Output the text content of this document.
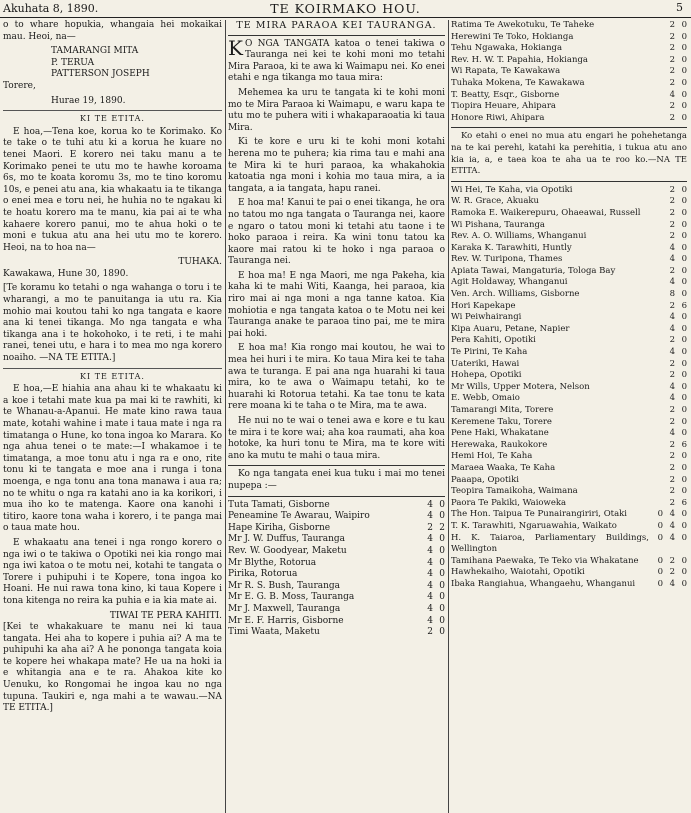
Akuhata 8, 1890.	TE KOIRMAKO HOU.	5

o to whare hopukia, whangaia hei mokaikai mau. Heoi, na—

TAMARANGI MITA

P. TERUA

PATTERSON JOSEPH

Torere,

Hurae 19, 1890.

KI TE ETITA.

E hoa,—Tena koe, korua ko te Korimako. Ko te take o te tuhi atu ki a korua he kuare no tenei Maori. E korero nei taku manu a te Korimako penei te utu mo te hawhe koroama 6s, mo te koata koromu 3s, mo te tino koromu 10s, e penei atu ana, kia whakaatu ia te tikanga o enei mea e toru nei, he huhia no te ngakau ki te hoatu korero ma te manu, kia pai ai te wha kahaere korero panui, mo te ahua hoki o te moni e tukua atu ana hei utu mo te korero. Heoi, na to hoa na—

TUHAKA.

Kawakawa, Hune 30, 1890.

[Te koramu ko tetahi o nga wahanga o toru i te wharangi, a mo te panuitanga ia utu ra. Kia mohio mai koutou tahi ko nga tangata e kaore ana ki tenei tikanga. Mo nga tangata e wha tikanga ana i te hokohoko, i te reti, i te mahi ranei, tenei utu, e hara i to mea mo nga korero noaiho. —NA TE ETITA.]

KI TE ETITA.

E hoa,—E hiahia ana ahau ki te whakaatu ki a koe i tetahi mate kua pa mai ki te rawhiti, ki te Whanau-a-Apanui. He mate kino rawa taua mate, kotahi wahine i mate i taua mate i nga ra timatanga o Hune, ko tona ingoa ko Marara. Ko nga ahua tenei o te mate:—I whakamoe i te timatanga, a moe tonu atu i nga ra e ono, rite tonu ki te tangata e moe ana i runga i tona moenga, e nga tonu ana tona manawa i aua ra; no te whitu o nga ra katahi ano ia ka korikori, i mua iho ko te matenga. Kaore ona kanohi i titiro, kaore tona waha i korero, i te panga mai o taua mate hou.

E whakaatu ana tenei i nga rongo korero o nga iwi o te takiwa o Opotiki nei kia rongo mai nga iwi katoa o te motu nei, kotahi te tangata o Torere i puhipuhi i te Kopere, tona ingoa ko Hoani. He nui rawa tona kino, ki taua Kopere i tona kitenga no reira ka puhia e ia kia mate ai.

TIWAI TE PERA KAHITI.

[Kei te whakakuare te manu nei ki taua tangata. Hei aha to kopere i puhia ai? A ma te puhipuhi ka aha ai? A he pononga tangata koia te kopere hei whakapa mate? He ua na hoki ia e whitangia ana e te ra. Ahakoa kite ko Uenuku, ko Rongomai he ingoa kau no nga tupuna. Taukiri e, nga mahi a te wawau.—NA TE ETITA.]

TE MIRA PARAOA KEI TAURANGA.

KO NGA TANGATA katoa o tenei takiwa o Tauranga nei kei te kohi moni mo tetahi Mira Paraoa, ki te awa ki Waimapu nei. Ko enei etahi e nga tikanga mo taua mira:

Mehemea ka uru te tangata ki te kohi moni mo te Mira Paraoa ki Waimapu, e waru kapa te utu mo te puhera witi i whakaparaoatia ki taua Mira.

Ki te kore e uru ki te kohi moni kotahi herena mo te puhera; kia rima tau e mahi ana te Mira ki te huri paraoa, ka whakahokia katoatia nga moni i kohia mo taua mira, a ia tangata, a ia tangata, hapu ranei.

E hoa ma! Kanui te pai o enei tikanga, he ora no tatou mo nga tangata o Tauranga nei, kaore e ngaro o tatou moni ki tetahi atu taone i te hoko paraoa i reira. Ka wini tonu tatou ka kaore mai ratou ki te hoko i nga paraoa o Tauranga nei.

E hoa ma! E nga Maori, me nga Pakeha, kia kaha ki te mahi Witi, Kaanga, hei paraoa, kia riro mai ai nga moni a nga tanne katoa. Kia mohiotia e nga tangata katoa o te Motu nei kei Tauranga anake te paraoa tino pai, me te mira pai hoki.

E hoa ma! Kia rongo mai koutou, he wai to mea hei huri i te mira. Ko taua Mira kei te taha awa te turanga. E pai ana nga huarahi ki taua mira, ko te awa o Waimapu tetahi, ko te huarahi ki Rotorua tetahi. Ka tae tonu te kata rere moana ki te taha o te Mira, ma te awa.

He nui no te wai o tenei awa e kore e tu kau te mira i te kore wai; aha koa raumati, aha koa hotoke, ka huri tonu te Mira, ma te kore witi ano ka mutu te mahi o taua mira.

Ko nga tangata enei kua tuku i mai mo tenei nupepa :—

Tuta Tamati, Gisborne	4 0
Peneamine Te Awarau, Waipiro	4 0
Hape Kiriha, Gisborne	2 2
Mr J. W. Duffus, Tauranga	4 0
Rev. W. Goodyear, Maketu	4 0
Mr Blythe, Rotorua	4 0
Pirika, Rotorua	4 0
Mr R. S. Bush, Tauranga	4 0
Mr E. G. B. Moss, Tauranga	4 0
Mr J. Maxwell, Tauranga	4 0
Mr E. F. Harris, Gisborne	4 0
Timi Waata, Maketu	2 0
Ratima Te Awekotuku, Te Taheke	2 0
Herewini Te Toko, Hokianga	2 0
Tehu Ngawaka, Hokianga	2 0
Rev. H. W. T. Papahia, Hokianga	2 0
Wi Rapata, Te Kawakawa	2 0
Tuhaka Mokena, Te Kawakawa	2 0
T. Beatty, Esqr., Gisborne	4 0
Tiopira Heuare, Ahipara	2 0
Honore Riwi, Ahipara	2 0

Ko etahi o enei no mua atu engari he pohehetanga na te kai perehi, katahi ka perehitia, i tukua atu ano kia ia, a, e taea koa te aha ua te roo ko.—NA TE ETITA.

Wi Hei, Te Kaha, via Opotiki	2 0
W. R. Grace, Akuaku	2 0
Ramoka E. Waikerepuru, Ohaeawai, Russell	2 0
Wi Pishana, Tauranga	2 0
Rev. A. O. Williams, Whanganui	2 0
Karaka K. Tarawhiti, Huntly	4 0
Rev. W. Turipona, Thames	4 0
Apiata Tawai, Mangaturia, Tologa Bay	2 0
Agit Holdaway, Whanganui	4 0
Ven. Arch. Williams, Gisborne	8 0
Hori Kapekape	2 6
Wi Peiwhairangi	4 0
Kipa Auaru, Petane, Napier	4 0
Pera Kahiti, Opotiki	2 0
Te Pirini, Te Kaha	4 0
Uateriki, Hawai	2 0
Hohepa, Opotiki	2 0
Mr Wills, Upper Motera, Nelson	4 0
E. Webb, Omaio	4 0
Tamarangi Mita, Torere	2 0
Keremene Taku, Torere	2 0
Pene Haki, Whakatane	4 0
Herewaka, Raukokore	2 6
Hemi Hoi, Te Kaha	2 0
Maraea Waaka, Te Kaha	2 0
Paaapa, Opotiki	2 0
Teopira Tamaikoha, Waimana	2 0
Paora Te Pakiki, Waioweka	2 6
The Hon. Taipua Te Punairangiriri, Otaki	0 4 0
T. K. Tarawhiti, Ngaruawahia, Waikato	0 4 0
H. K. Taiaroa, Parliamentary Buildings, Wellington
0 4 0
Tamihana Paewaka, Te Teko via Whakatane	0 2 0
Hawhekaiho, Waiotahi, Opotiki	0 2 0
Ibaka Rangiahua, Whangaehu, Whanganui	0 4 0
